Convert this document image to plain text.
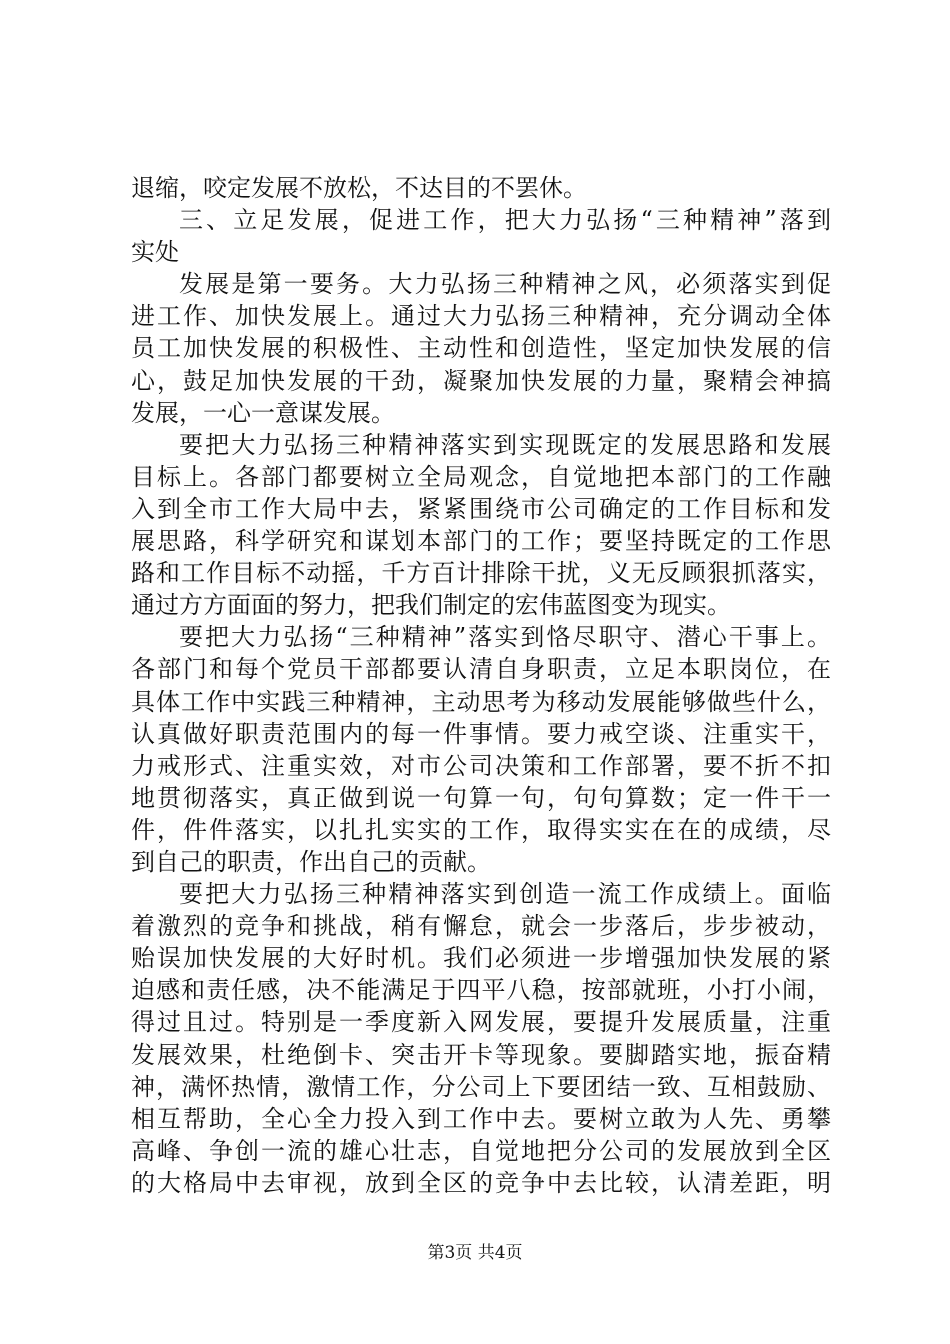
退缩，咬定发展不放松，不达目的不罢休。
三、立足发展，促进工作，把大力弘扬“三种精神”落到
实处
发展是第一要务。大力弘扬三种精神之风，必须落实到促
进工作、加快发展上。通过大力弘扬三种精神，充分调动全体
员工加快发展的积极性、主动性和创造性，坚定加快发展的信
心，鼓足加快发展的干劲，凝聚加快发展的力量，聚精会神搞
发展，一心一意谋发展。
要把大力弘扬三种精神落实到实现既定的发展思路和发展
目标上。各部门都要树立全局观念，自觉地把本部门的工作融
入到全市工作大局中去，紧紧围绕市公司确定的工作目标和发
展思路，科学研究和谋划本部门的工作；要坚持既定的工作思
路和工作目标不动摇，千方百计排除干扰，义无反顾狠抓落实，
通过方方面面的努力，把我们制定的宏伟蓝图变为现实。
要把大力弘扬“三种精神”落实到恪尽职守、潜心干事上。
各部门和每个党员干部都要认清自身职责，立足本职岗位，在
具体工作中实践三种精神，主动思考为移动发展能够做些什么，
认真做好职责范围内的每一件事情。要力戒空谈、注重实干，
力戒形式、注重实效，对市公司决策和工作部署，要不折不扣
地贯彻落实，真正做到说一句算一句，句句算数；定一件干一
件，件件落实，以扎扎实实的工作，取得实实在在的成绩，尽
到自己的职责，作出自己的贡献。
要把大力弘扬三种精神落实到创造一流工作成绩上。面临
着激烈的竞争和挑战，稍有懈怠，就会一步落后，步步被动，
贻误加快发展的大好时机。我们必须进一步增强加快发展的紧
迫感和责任感，决不能满足于四平八稳，按部就班，小打小闹，
得过且过。特别是一季度新入网发展，要提升发展质量，注重
发展效果，杜绝倒卡、突击开卡等现象。要脚踏实地，振奋精
神，满怀热情，激情工作，分公司上下要团结一致、互相鼓励、
相互帮助，全心全力投入到工作中去。要树立敢为人先、勇攀
高峰、争创一流的雄心壮志，自觉地把分公司的发展放到全区
的大格局中去审视，放到全区的竞争中去比较，认清差距，明
第3页 共4页
